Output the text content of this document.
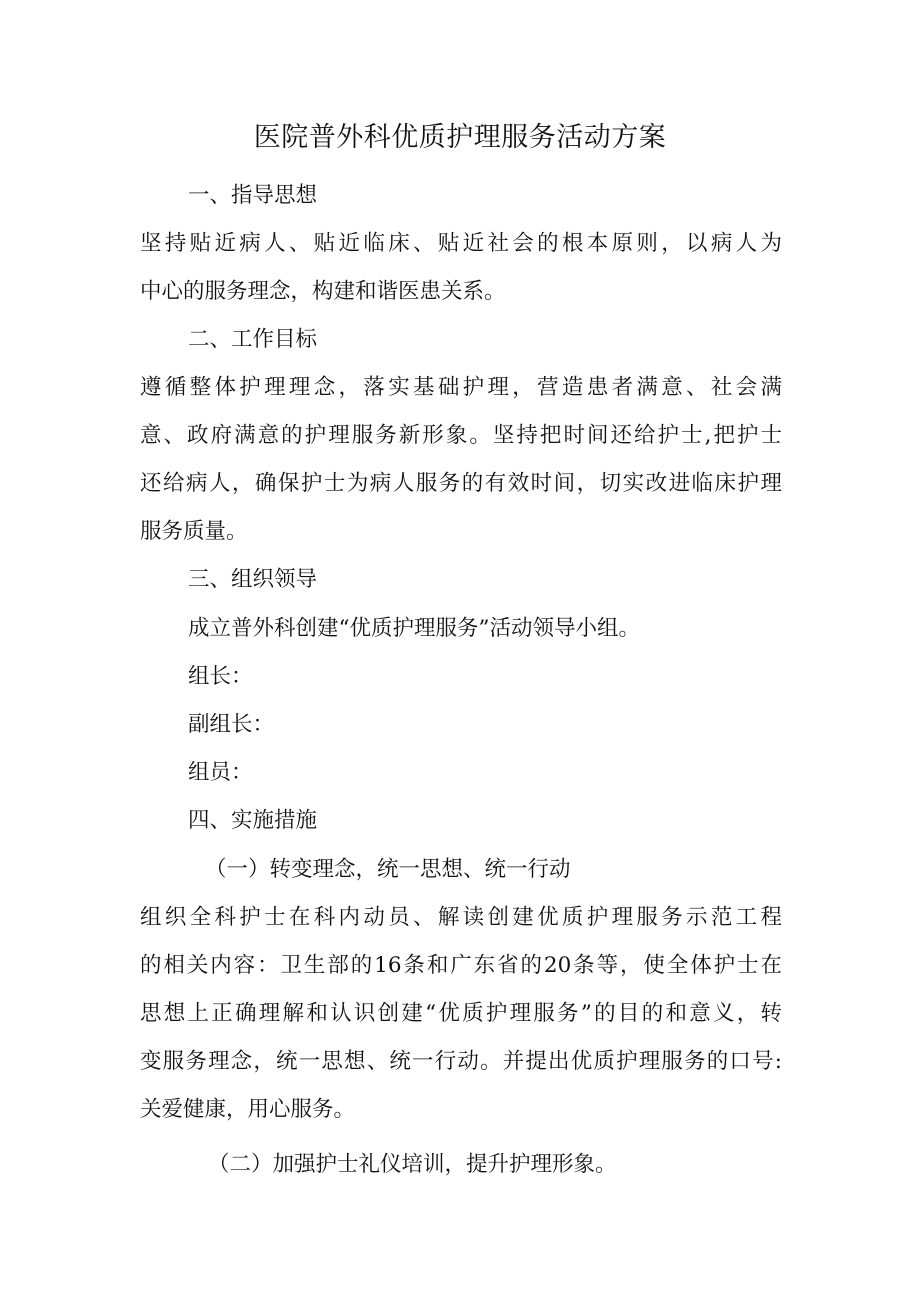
医院普外科优质护理服务活动方案

一、指导思想

坚持贴近病人、贴近临床、贴近社会的根本原则，以病人为

中心的服务理念，构建和谐医患关系。

二、工作目标

遵循整体护理理念，落实基础护理，营造患者满意、社会满

意、政府满意的护理服务新形象。坚持把时间还给护士,把护士

还给病人，确保护士为病人服务的有效时间，切实改进临床护理

服务质量。

三、组织领导

成立普外科创建“优质护理服务”活动领导小组。

组长：

副组长：

组员：

四、实施措施

（一）转变理念，统一思想、统一行动

组织全科护士在科内动员、解读创建优质护理服务示范工程

的相关内容：卫生部的16条和广东省的20条等，使全体护士在

思想上正确理解和认识创建“优质护理服务”的目的和意义，转

变服务理念，统一思想、统一行动。并提出优质护理服务的口号:

关爱健康，用心服务。

（二）加强护士礼仪培训，提升护理形象。
